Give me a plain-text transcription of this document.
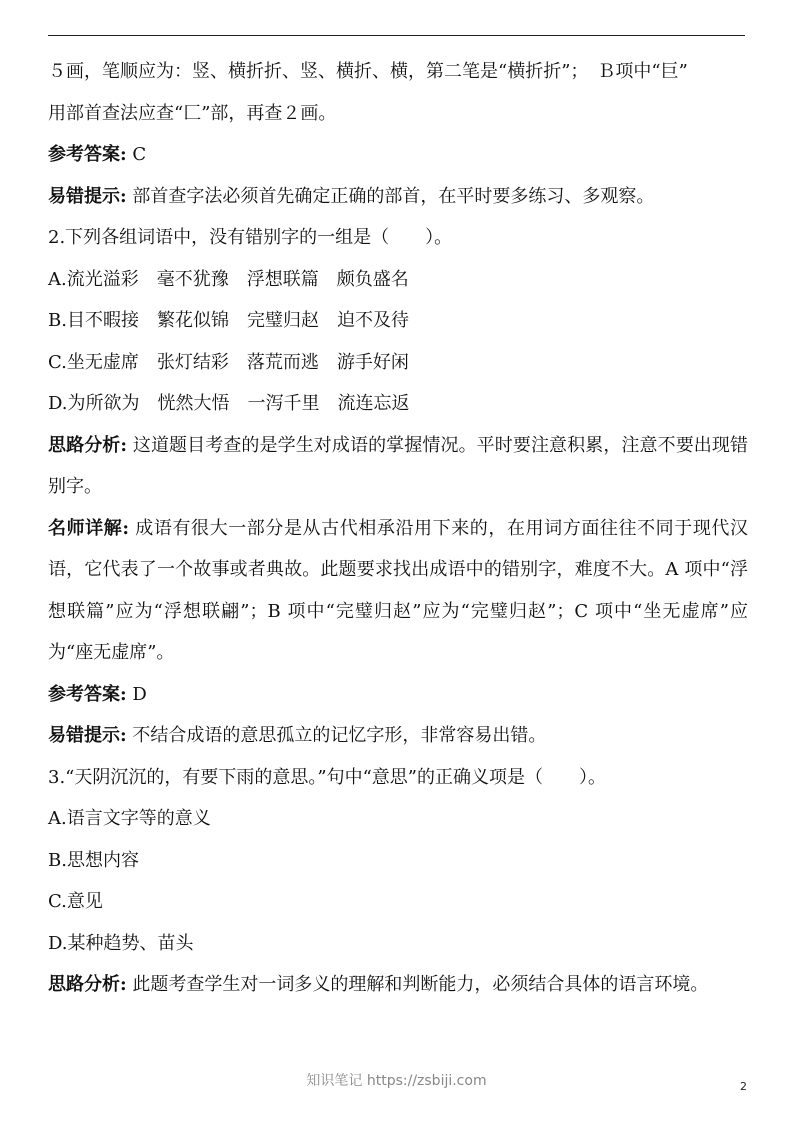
５画，笔顺应为：竖、横折折、竖、横折、横，第二笔是“横折折”；　Ｂ项中“巨”

用部首查法应查“匚”部，再查２画。

参考答案: C

易错提示: 部首查字法必须首先确定正确的部首，在平时要多练习、多观察。

2.下列各组词语中，没有错别字的一组是（　　）。

A.流光溢彩　毫不犹豫　浮想联篇　颇负盛名

B.目不暇接　繁花似锦　完璧归赵　迫不及待

C.坐无虚席　张灯结彩　落荒而逃　游手好闲

D.为所欲为　恍然大悟　一泻千里　流连忘返

思路分析: 这道题目考查的是学生对成语的掌握情况。平时要注意积累，注意不要出现错别字。

名师详解: 成语有很大一部分是从古代相承沿用下来的，在用词方面往往不同于现代汉语，它代表了一个故事或者典故。此题要求找出成语中的错别字，难度不大。A 项中“浮想联篇”应为“浮想联翩”；B 项中“完璧归赵”应为“完璧归赵”；C 项中“坐无虚席”应为“座无虚席”。

参考答案: D

易错提示: 不结合成语的意思孤立的记忆字形，非常容易出错。

3.“天阴沉沉的，有要下雨的意思。”句中“意思”的正确义项是（　　）。

A.语言文字等的意义

B.思想内容

C.意见

D.某种趋势、苗头

思路分析: 此题考查学生对一词多义的理解和判断能力，必须结合具体的语言环境。

知识笔记 https://zsbiji.com	2
